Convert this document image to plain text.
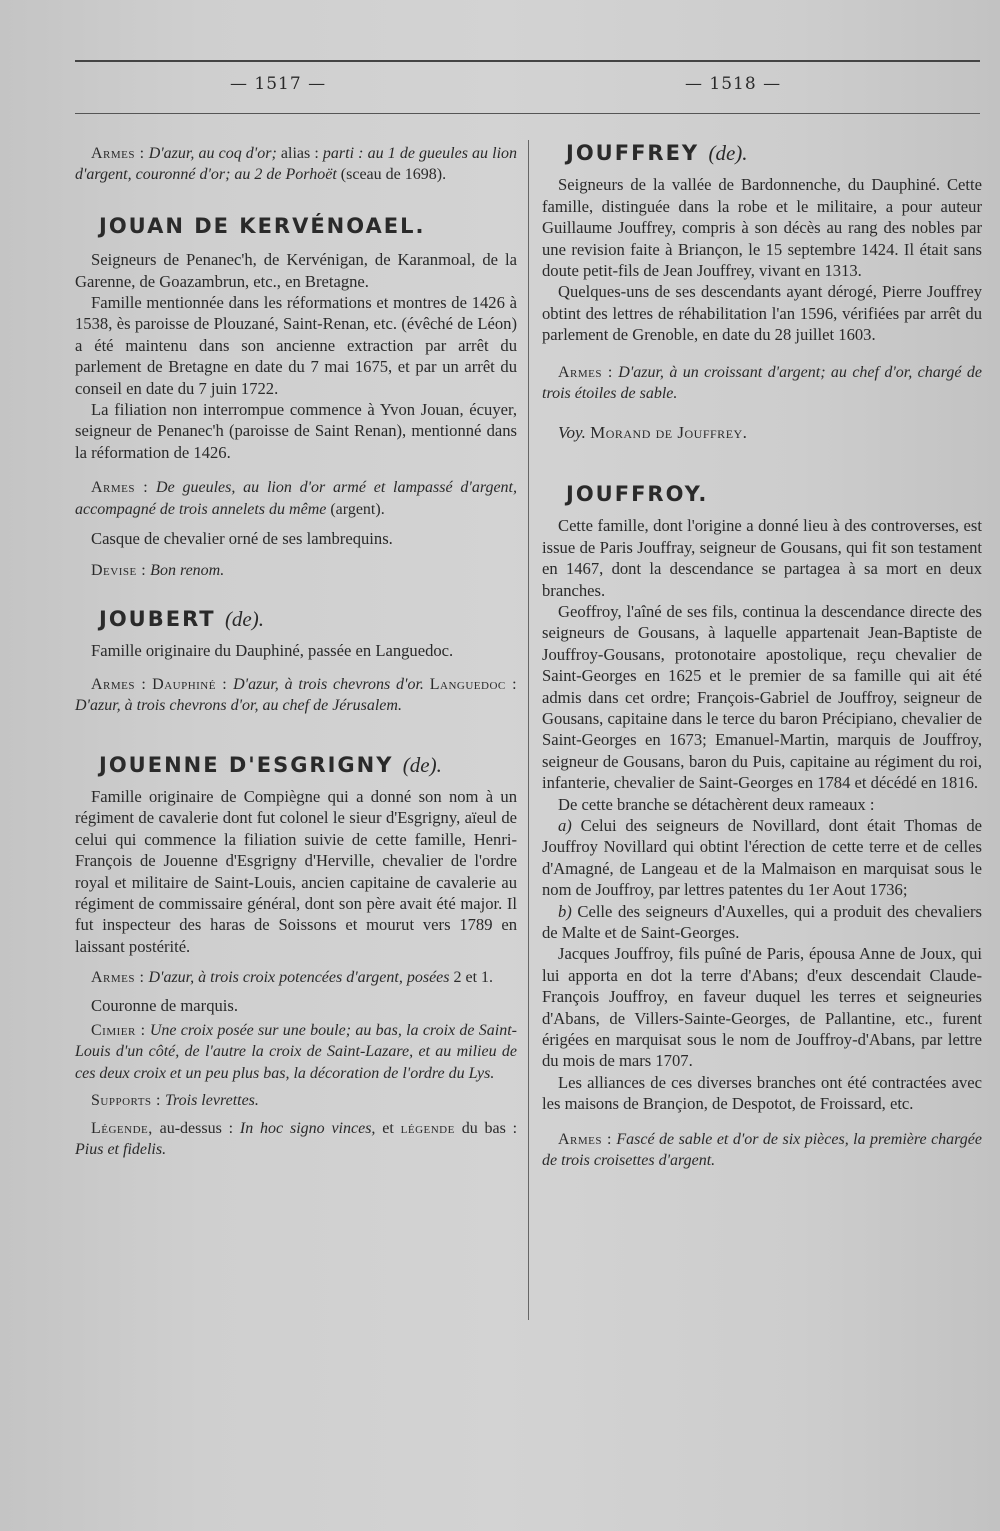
— 1517 —	— 1518 —

Armes : D'azur, au coq d'or; alias : parti : au 1 de gueules au lion d'argent, couronné d'or; au 2 de Porhoët (sceau de 1698).

JOUAN DE KERVÉNOAEL.

Seigneurs de Penanec'h, de Kervénigan, de Karanmoal, de la Garenne, de Goazambrun, etc., en Bretagne.

Famille mentionnée dans les réformations et montres de 1426 à 1538, ès paroisse de Plouzané, Saint-Renan, etc. (évêché de Léon) a été maintenu dans son ancienne extraction par arrêt du parlement de Bretagne en date du 7 mai 1675, et par un arrêt du conseil en date du 7 juin 1722.

La filiation non interrompue commence à Yvon Jouan, écuyer, seigneur de Penanec'h (paroisse de Saint Renan), mentionné dans la réformation de 1426.

Armes : De gueules, au lion d'or armé et lampassé d'argent, accompagné de trois annelets du même (argent).

Casque de chevalier orné de ses lambrequins.

Devise : Bon renom.

JOUBERT (de).

Famille originaire du Dauphiné, passée en Languedoc.

Armes : Dauphiné : D'azur, à trois chevrons d'or. Languedoc : D'azur, à trois chevrons d'or, au chef de Jérusalem.

JOUENNE D'ESGRIGNY (de).

Famille originaire de Compiègne qui a donné son nom à un régiment de cavalerie dont fut colonel le sieur d'Esgrigny, aïeul de celui qui commence la filiation suivie de cette famille, Henri-François de Jouenne d'Esgrigny d'Herville, chevalier de l'ordre royal et militaire de Saint-Louis, ancien capitaine de cavalerie au régiment de commissaire général, dont son père avait été major. Il fut inspecteur des haras de Soissons et mourut vers 1789 en laissant postérité.

Armes : D'azur, à trois croix potencées d'argent, posées 2 et 1.

Couronne de marquis.

Cimier : Une croix posée sur une boule; au bas, la croix de Saint-Louis d'un côté, de l'autre la croix de Saint-Lazare, et au milieu de ces deux croix et un peu plus bas, la décoration de l'ordre du Lys.

Supports : Trois levrettes.

Légende, au-dessus : In hoc signo vinces, et légende du bas : Pius et fidelis.

JOUFFREY (de).

Seigneurs de la vallée de Bardonnenche, du Dauphiné. Cette famille, distinguée dans la robe et le militaire, a pour auteur Guillaume Jouffrey, compris à son décès au rang des nobles par une revision faite à Briançon, le 15 septembre 1424. Il était sans doute petit-fils de Jean Jouffrey, vivant en 1313.

Quelques-uns de ses descendants ayant dérogé, Pierre Jouffrey obtint des lettres de réhabilitation l'an 1596, vérifiées par arrêt du parlement de Grenoble, en date du 28 juillet 1603.

Armes : D'azur, à un croissant d'argent; au chef d'or, chargé de trois étoiles de sable.

Voy. Morand de Jouffrey.

JOUFFROY.

Cette famille, dont l'origine a donné lieu à des controverses, est issue de Paris Jouffray, seigneur de Gousans, qui fit son testament en 1467, dont la descendance se partagea à sa mort en deux branches.

Geoffroy, l'aîné de ses fils, continua la descendance directe des seigneurs de Gousans, à laquelle appartenait Jean-Baptiste de Jouffroy-Gousans, protonotaire apostolique, reçu chevalier de Saint-Georges en 1625 et le premier de sa famille qui ait été admis dans cet ordre; François-Gabriel de Jouffroy, seigneur de Gousans, capitaine dans le terce du baron Précipiano, chevalier de Saint-Georges en 1673; Emanuel-Martin, marquis de Jouffroy, seigneur de Gousans, baron du Puis, capitaine au régiment du roi, infanterie, chevalier de Saint-Georges en 1784 et décédé en 1816.

De cette branche se détachèrent deux rameaux :

a) Celui des seigneurs de Novillard, dont était Thomas de Jouffroy Novillard qui obtint l'érection de cette terre et de celles d'Amagné, de Langeau et de la Malmaison en marquisat sous le nom de Jouffroy, par lettres patentes du 1er Aout 1736;

b) Celle des seigneurs d'Auxelles, qui a produit des chevaliers de Malte et de Saint-Georges.

Jacques Jouffroy, fils puîné de Paris, épousa Anne de Joux, qui lui apporta en dot la terre d'Abans; d'eux descendait Claude-François Jouffroy, en faveur duquel les terres et seigneuries d'Abans, de Villers-Sainte-Georges, de Pallantine, etc., furent érigées en marquisat sous le nom de Jouffroy-d'Abans, par lettre du mois de mars 1707.

Les alliances de ces diverses branches ont été contractées avec les maisons de Brançion, de Despotot, de Froissard, etc.

Armes : Fascé de sable et d'or de six pièces, la première chargée de trois croisettes d'argent.
